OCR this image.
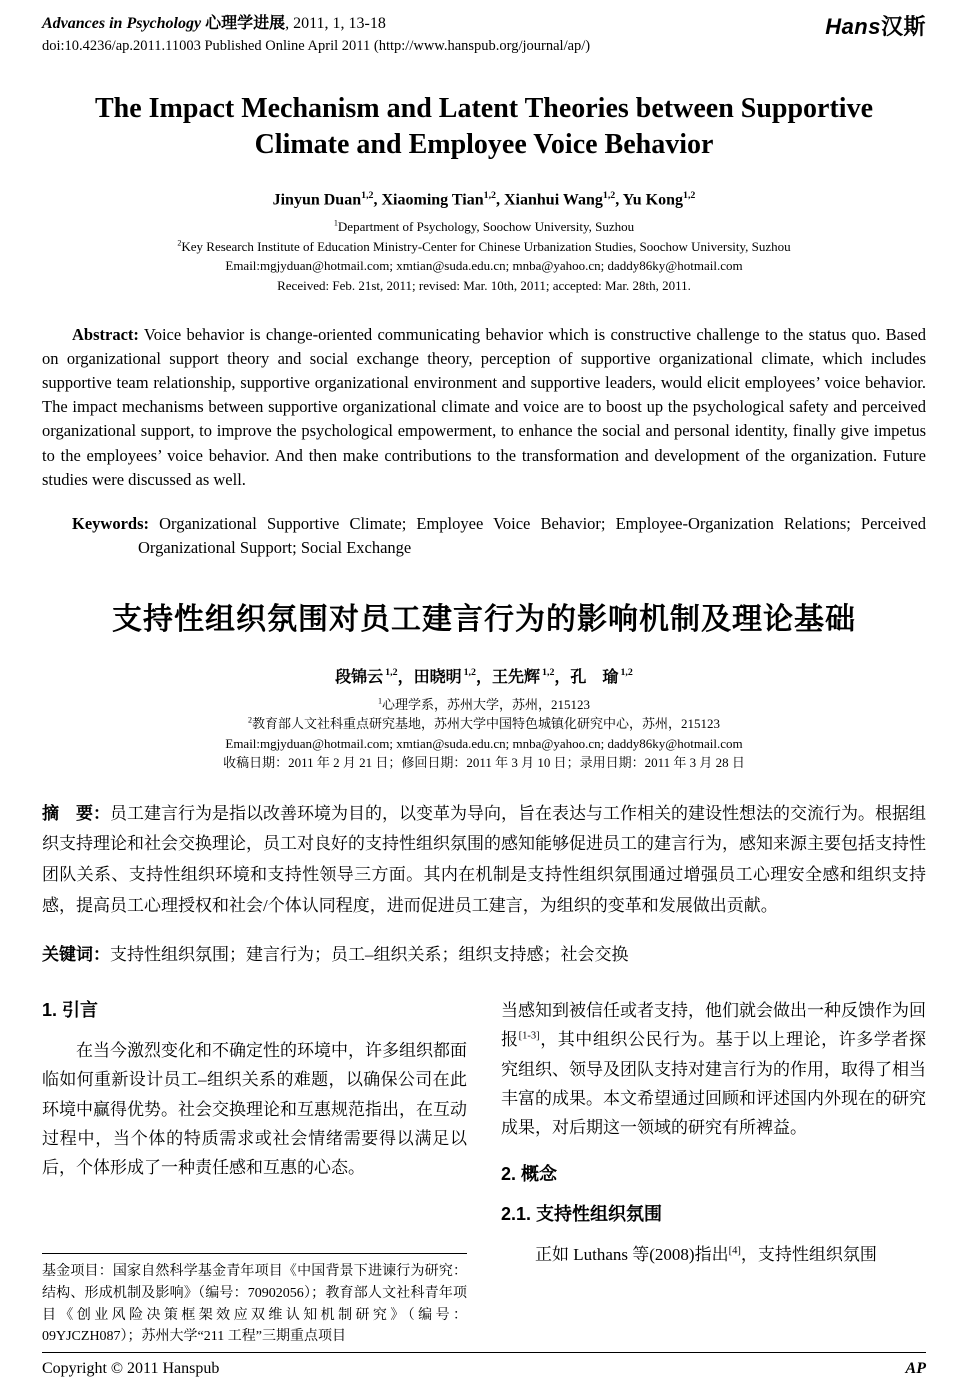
Advances in Psychology 心理学进展, 2011, 1, 13-18
doi:10.4236/ap.2011.11003 Published Online April 2011 (http://www.hanspub.org/journal/ap/)
Hans汉斯
The Impact Mechanism and Latent Theories between Supportive Climate and Employee Voice Behavior
Jinyun Duan$^{1,2}$, Xiaoming Tian$^{1,2}$, Xianhui Wang$^{1,2}$, Yu Kong$^{1,2}$
$^1$Department of Psychology, Soochow University, Suzhou
$^2$Key Research Institute of Education Ministry-Center for Chinese Urbanization Studies, Soochow University, Suzhou
Email:mgjyduan@hotmail.com; xmtian@suda.edu.cn; mnba@yahoo.cn; daddy86ky@hotmail.com
Received: Feb. 21st, 2011; revised: Mar. 10th, 2011; accepted: Mar. 28th, 2011.

Abstract: Voice behavior is change-oriented communicating behavior which is constructive challenge to the status quo. Based on organizational support theory and social exchange theory, perception of supportive organizational climate, which includes supportive team relationship, supportive organizational environment and supportive leaders, would elicit employees’ voice behavior. The impact mechanisms between supportive organizational climate and voice are to boost up the psychological safety and perceived organizational support, to improve the psychological empowerment, to enhance the social and personal identity, finally give impetus to the employees’ voice behavior. And then make contributions to the transformation and development of the organization. Future studies were discussed as well.

Keywords: Organizational Supportive Climate; Employee Voice Behavior; Employee-Organization Relations; Perceived Organizational Support; Social Exchange
支持性组织氛围对员工建言行为的影响机制及理论基础
段锦云 $^{1,2}$，田晓明 $^{1,2}$，王先辉 $^{1,2}$，孔　瑜 $^{1,2}$
$^1$心理学系，苏州大学，苏州，215123
$^2$教育部人文社科重点研究基地，苏州大学中国特色城镇化研究中心，苏州，215123
Email:mgjyduan@hotmail.com; xmtian@suda.edu.cn; mnba@yahoo.cn; daddy86ky@hotmail.com
收稿日期：2011 年 2 月 21 日；修回日期：2011 年 3 月 10 日；录用日期：2011 年 3 月 28 日

摘　要：员工建言行为是指以改善环境为目的，以变革为导向，旨在表达与工作相关的建设性想法的交流行为。根据组织支持理论和社会交换理论，员工对良好的支持性组织氛围的感知能够促进员工的建言行为，感知来源主要包括支持性团队关系、支持性组织环境和支持性领导三方面。其内在机制是支持性组织氛围通过增强员工心理安全感和组织支持感，提高员工心理授权和社会/个体认同程度，进而促进员工建言，为组织的变革和发展做出贡献。

关键词：支持性组织氛围；建言行为；员工–组织关系；组织支持感；社会交换
1. 引言

在当今激烈变化和不确定性的环境中，许多组织都面临如何重新设计员工–组织关系的难题，以确保公司在此环境中赢得优势。社会交换理论和互惠规范指出，在互动过程中，当个体的特质需求或社会情绪需要得以满足以后，个体形成了一种责任感和互惠的心态。

基金项目：国家自然科学基金青年项目《中国背景下进谏行为研究：结构、形成机制及影响》（编号：70902056）；教育部人文社科青年项目《创业风险决策框架效应双维认知机制研究》（编号：09YJCZH087）；苏州大学“211 工程”三期重点项目

当感知到被信任或者支持，他们就会做出一种反馈作为回报[1-3]，其中组织公民行为。基于以上理论，许多学者探究组织、领导及团队支持对建言行为的作用，取得了相当丰富的成果。本文希望通过回顾和评述国内外现在的研究成果，对后期这一领域的研究有所裨益。

2. 概念
2.1. 支持性组织氛围

正如 Luthans 等(2008)指出[4]，支持性组织氛围

Copyright © 2011 Hanspub	AP
